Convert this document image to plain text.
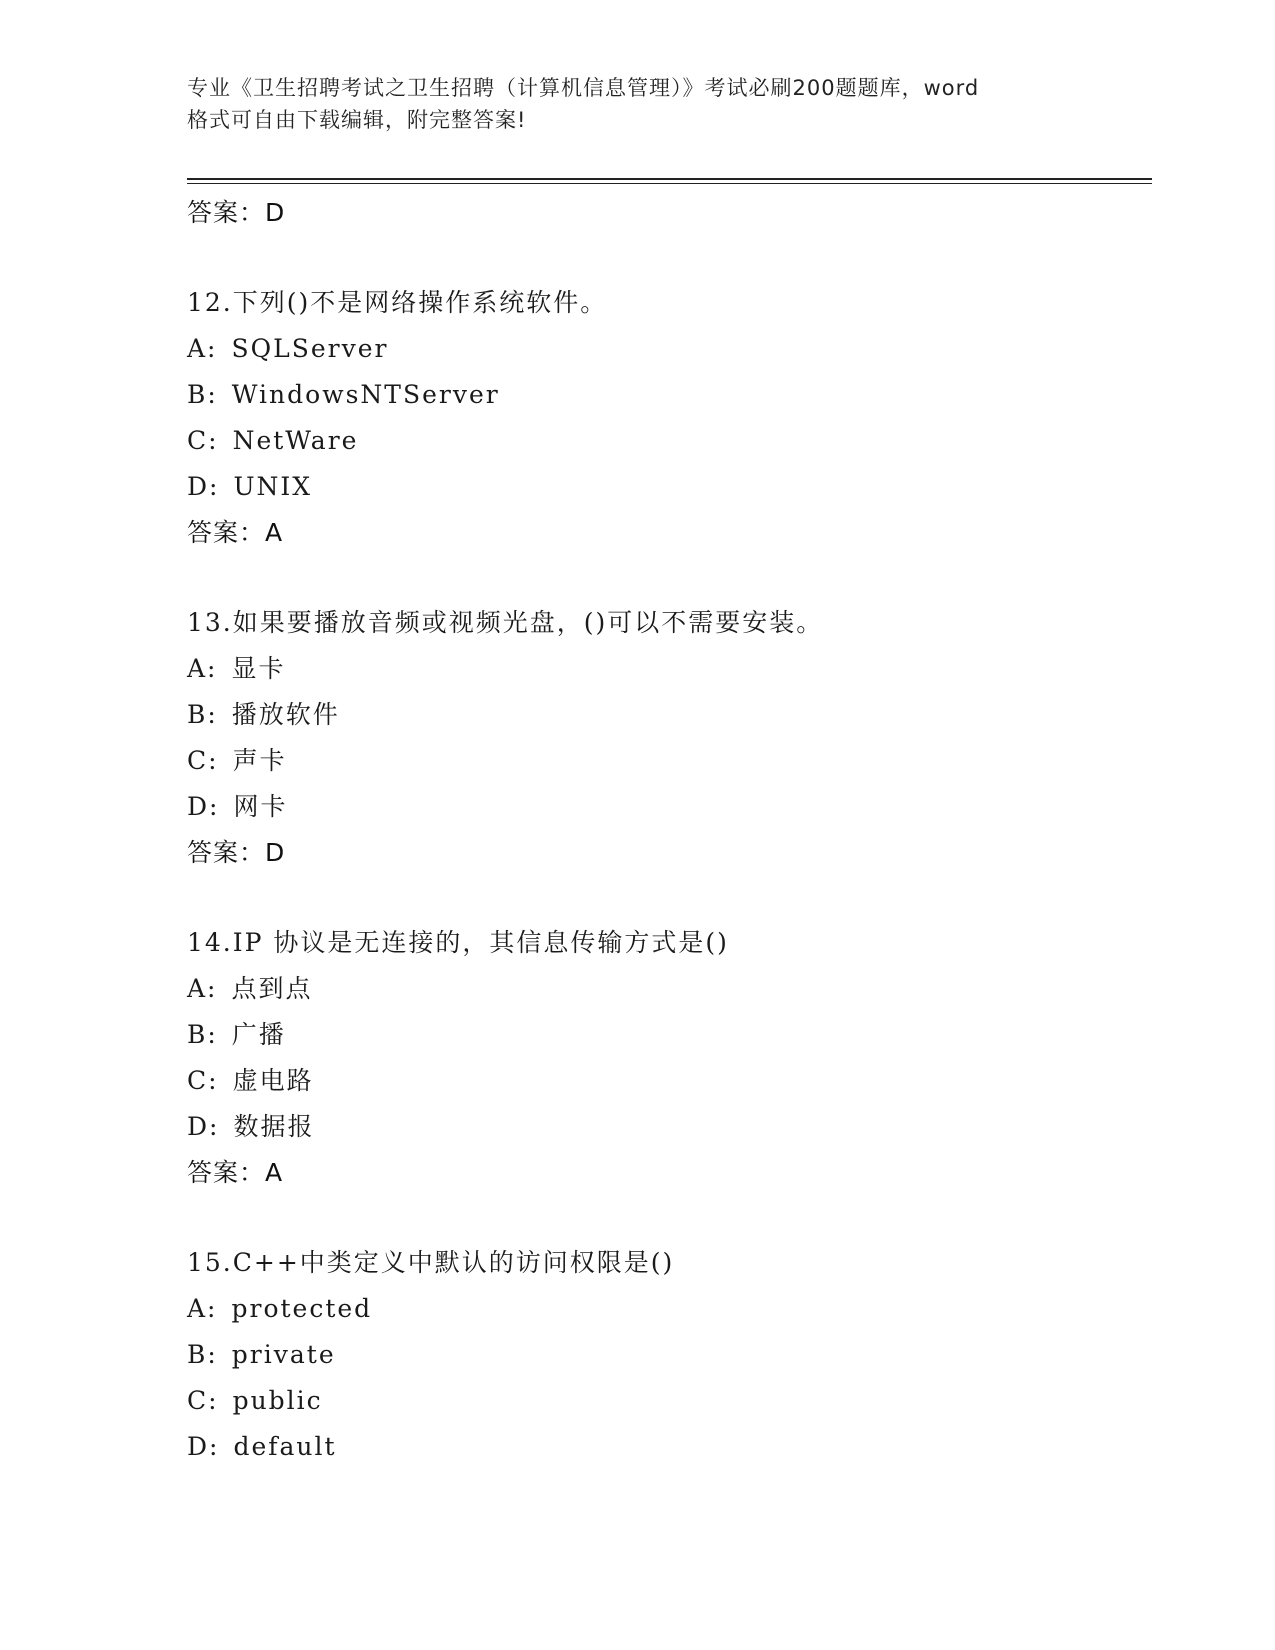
专业《卫生招聘考试之卫生招聘（计算机信息管理）》考试必刷200题题库，word
格式可自由下载编辑，附完整答案!
答案：D
12.下列()不是网络操作系统软件。
A: SQLServer
B: WindowsNTServer
C: NetWare
D: UNIX
答案：A
13.如果要播放音频或视频光盘，()可以不需要安装。
A: 显卡
B: 播放软件
C: 声卡
D: 网卡
答案：D
14.IP 协议是无连接的，其信息传输方式是()
A: 点到点
B: 广播
C: 虚电路
D: 数据报
答案：A
15.C++中类定义中默认的访问权限是()
A: protected
B: private
C: public
D: default
